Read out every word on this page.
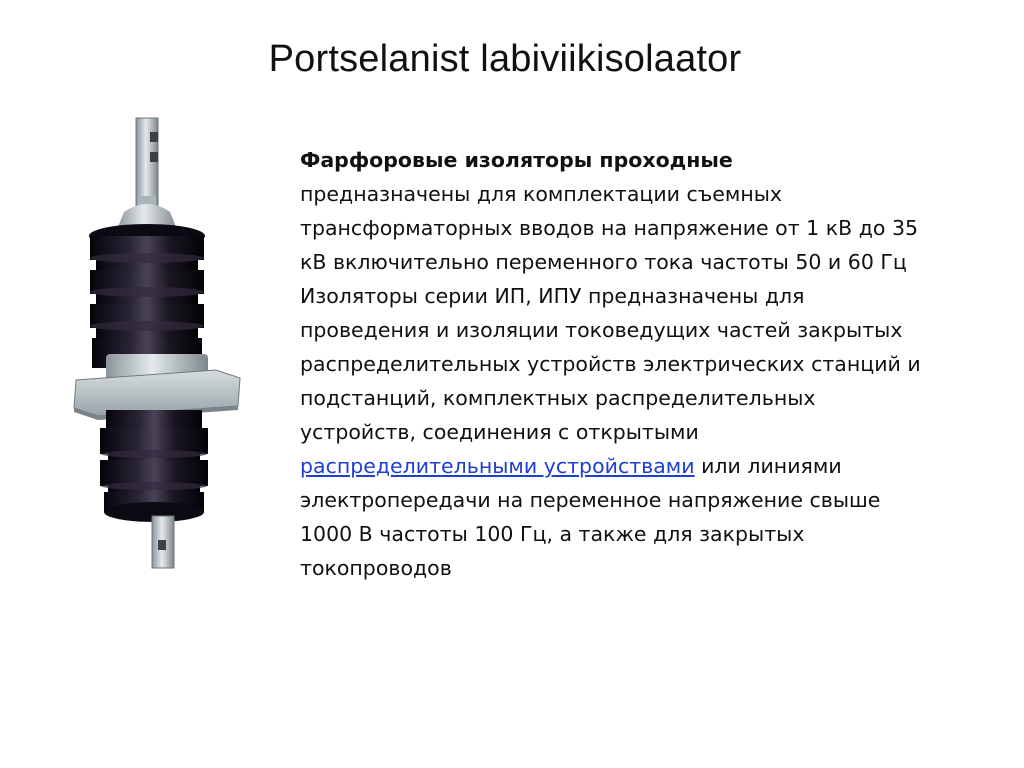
Portselanist labiviikisolaator
Фарфоровые изоляторы проходные
предназначены для комплектации съемных
трансформаторных вводов на напряжение от 1 кВ до 35
кВ включительно переменного тока частоты 50 и 60 Гц
Изоляторы серии ИП, ИПУ предназначены для
проведения и изоляции токоведущих частей закрытых
распределительных устройств электрических станций и
подстанций, комплектных распределительных
устройств, соединения с открытыми
распределительными устройствами или линиями
электропередачи на переменное напряжение свыше
1000 В частоты 100 Гц, а также для закрытых
токопроводов
